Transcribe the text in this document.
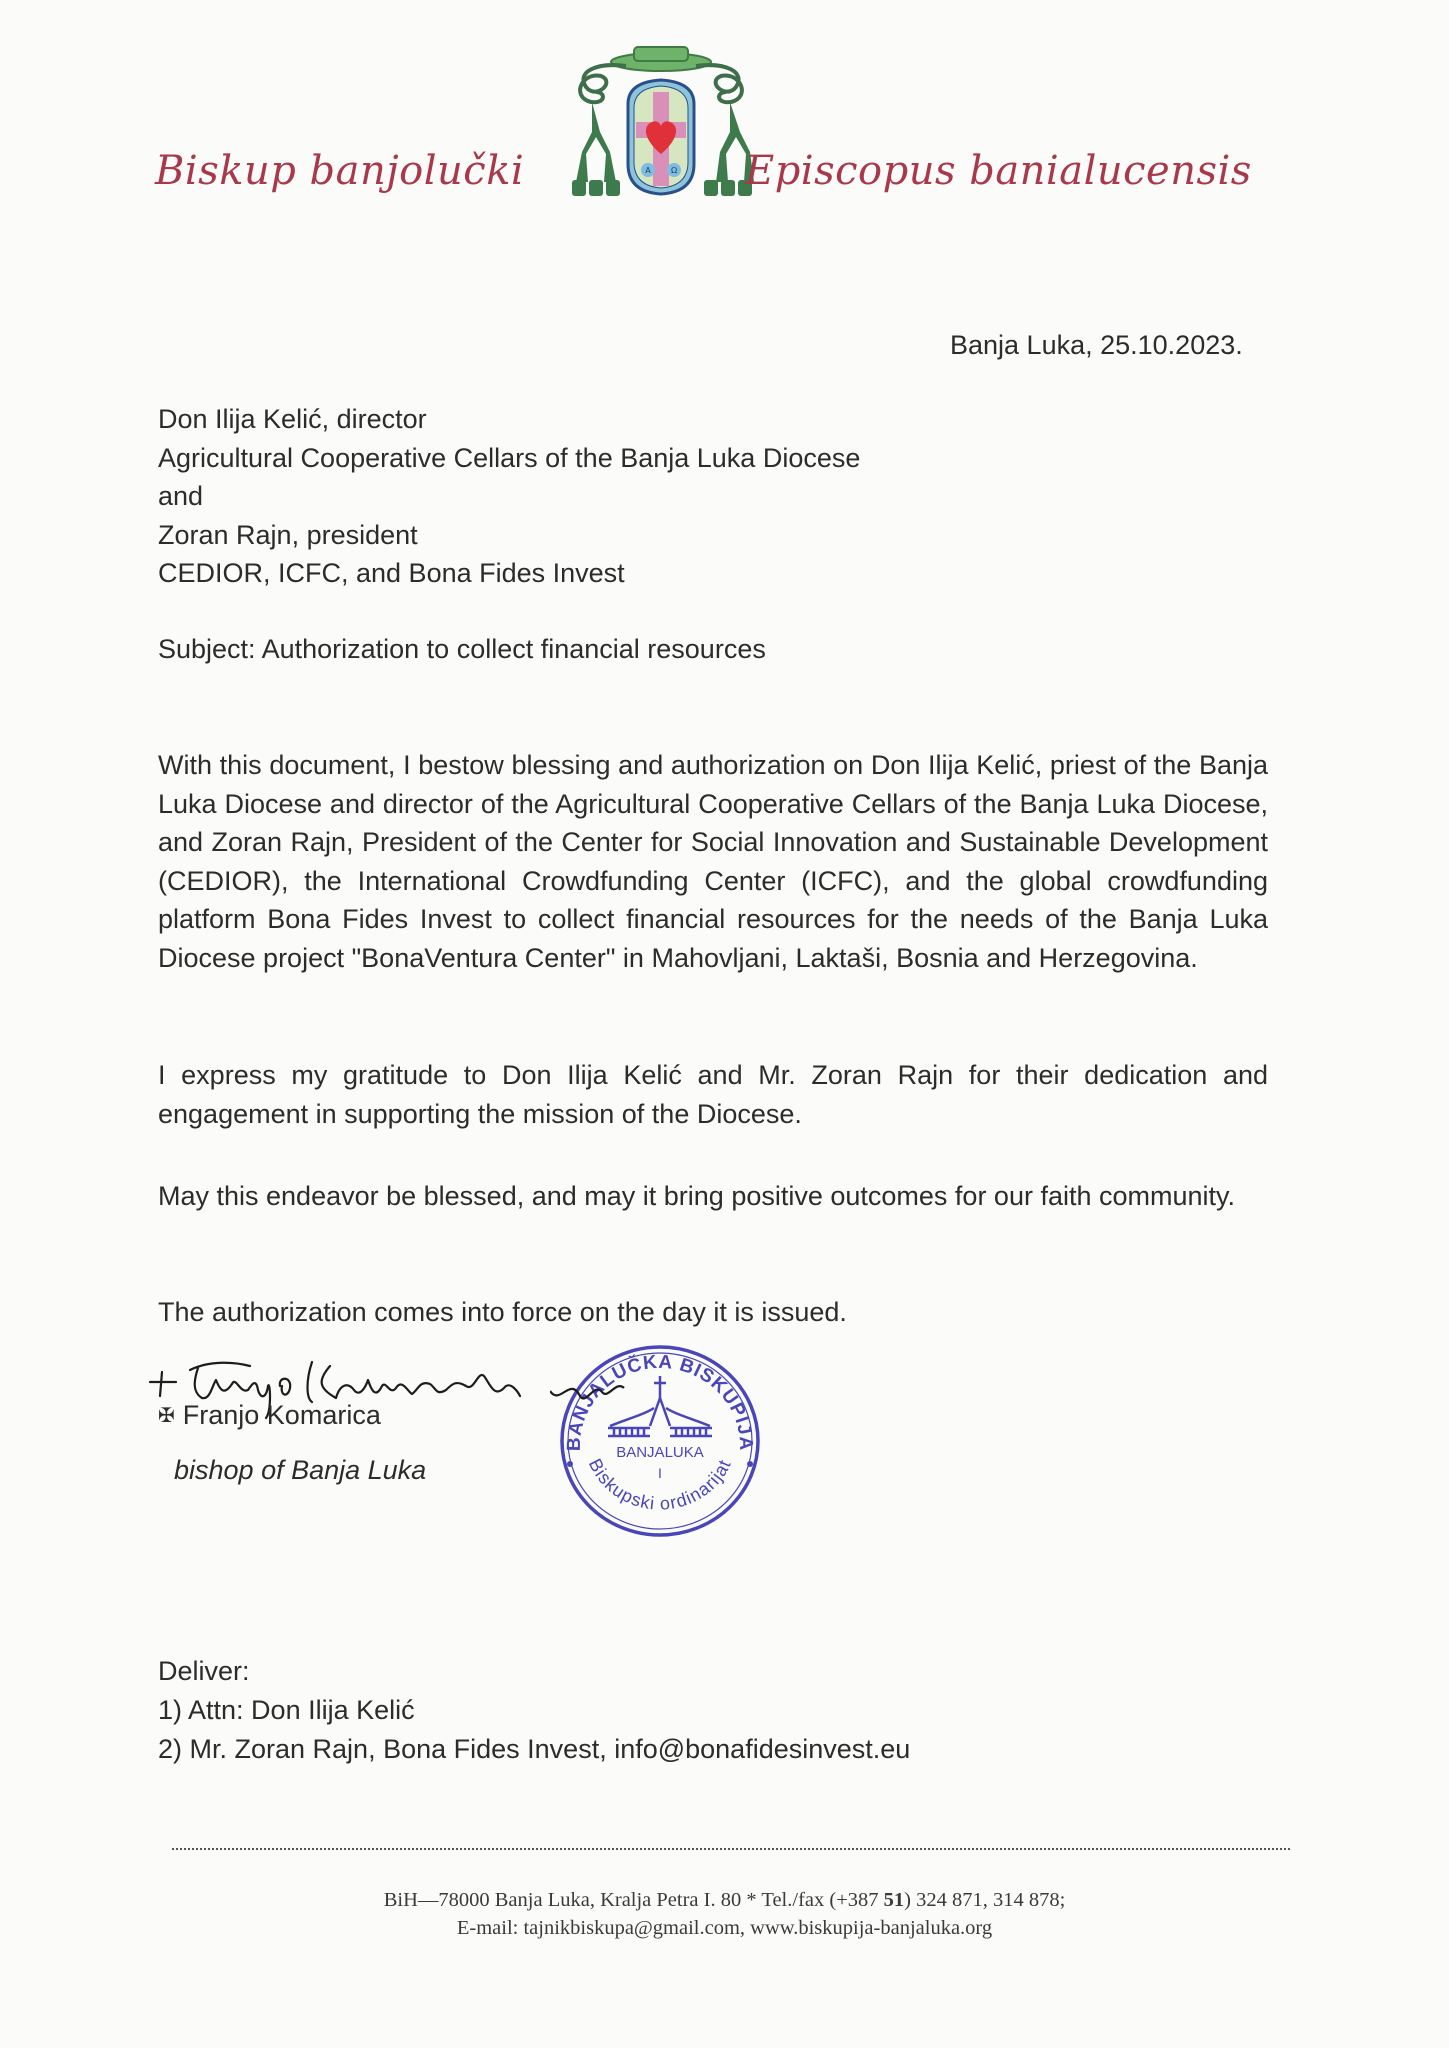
Biskup banjolučki	Α	Ω Episcopus banialucensis
Banja Luka, 25.10.2023.
Don Ilija Kelić, director
Agricultural Cooperative Cellars of the Banja Luka Diocese
and
Zoran Rajn, president
CEDIOR, ICFC, and Bona Fides Invest
Subject: Authorization to collect financial resources
With this document, I bestow blessing and authorization on Don Ilija Kelić, priest of the Banja Luka Diocese and director of the Agricultural Cooperative Cellars of the Banja Luka Diocese, and Zoran Rajn, President of the Center for Social Innovation and Sustainable Development (CEDIOR), the International Crowdfunding Center (ICFC), and the global crowdfunding platform Bona Fides Invest to collect financial resources for the needs of the Banja Luka Diocese project "BonaVentura Center" in Mahovljani, Laktaši, Bosnia and Herzegovina.
I express my gratitude to Don Ilija Kelić and Mr. Zoran Rajn for their dedication and engagement in supporting the mission of the Diocese.
May this endeavor be blessed, and may it bring positive outcomes for our faith community.
The authorization comes into force on the day it is issued.
✠ Franjo Komarica
bishop of Banja Luka
BANJALUČKA BISKUPIJA
Biskupski ordinarijat
BANJALUKA
I
Deliver:
1) Attn: Don Ilija Kelić
2) Mr. Zoran Rajn, Bona Fides Invest, info@bonafidesinvest.eu
BiH—78000 Banja Luka, Kralja Petra I. 80 * Tel./fax (+387 51) 324 871, 314 878;
E-mail: tajnikbiskupa@gmail.com, www.biskupija-banjaluka.org
